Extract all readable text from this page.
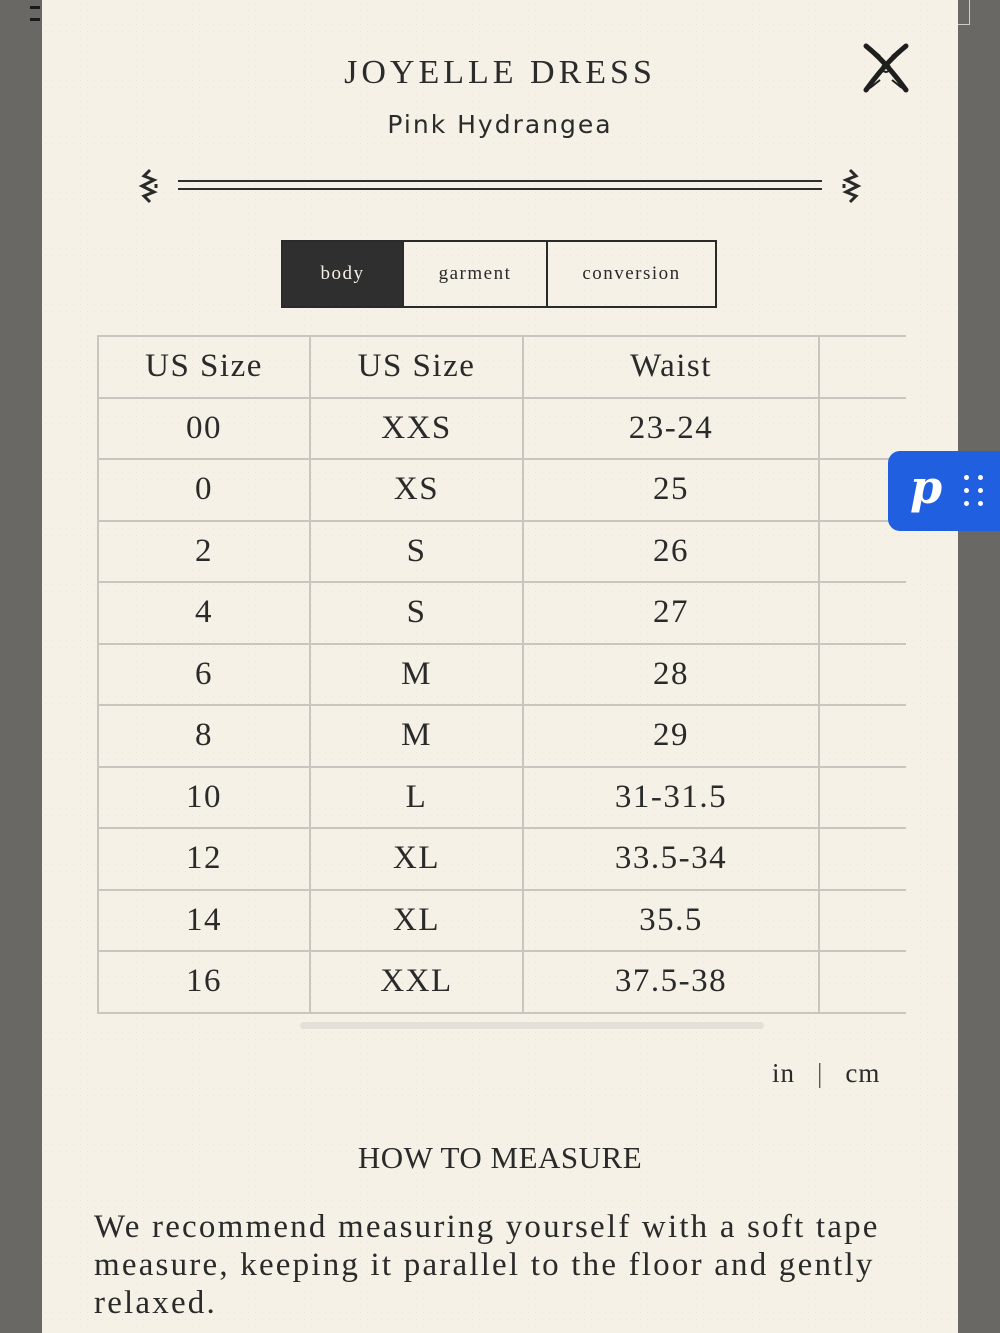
JOYELLE DRESS
Pink Hydrangea
body	garment	conversion
US Size	US Size	Waist	
00	XXS	23-24	
0	XS	25	
2	S	26	
4	S	27	
6	M	28	
8	M	29	
10	L	31-31.5	
12	XL	33.5-34	
14	XL	35.5	
16	XXL	37.5-38	
in | cm
HOW TO MEASURE

We recommend measuring yourself with a soft tape measure, keeping it parallel to the floor and gently relaxed.

p
